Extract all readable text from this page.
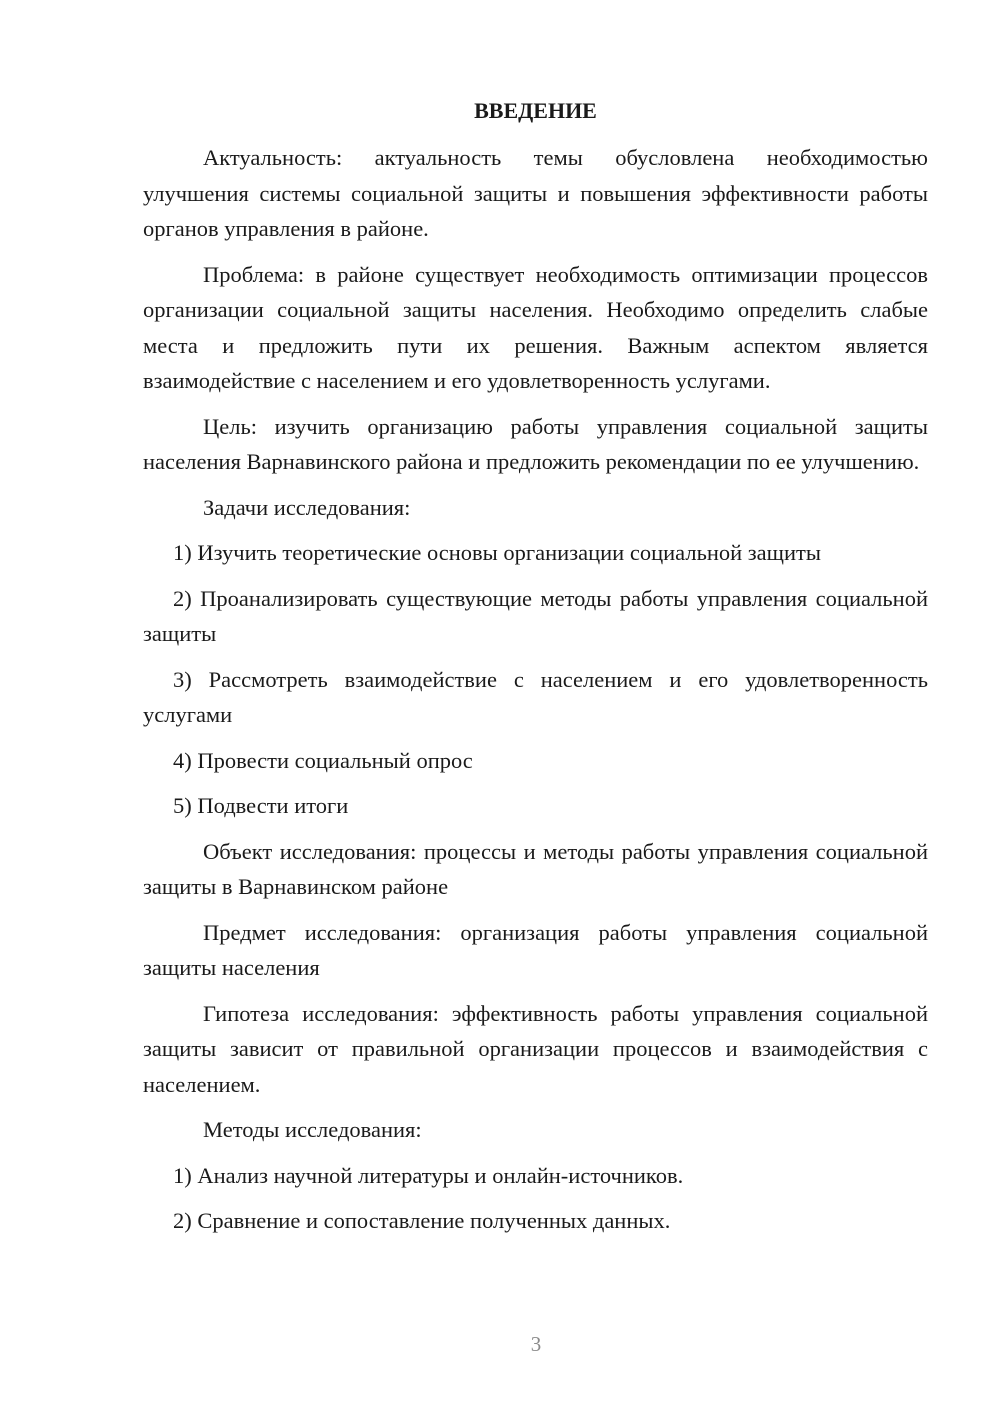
ВВЕДЕНИЕ

Актуальность: актуальность темы обусловлена необходимостью улучшения системы социальной защиты и повышения эффективности работы органов управления в районе.

Проблема: в районе существует необходимость оптимизации процессов организации социальной защиты населения. Необходимо определить слабые места и предложить пути их решения. Важным аспектом является взаимодействие с населением и его удовлетворенность услугами.

Цель: изучить организацию работы управления социальной защиты населения Варнавинского района и предложить рекомендации по ее улучшению.

Задачи исследования:

1) Изучить теоретические основы организации социальной защиты

2) Проанализировать существующие методы работы управления социальной защиты

3) Рассмотреть взаимодействие с населением и его удовлетворенность услугами

4) Провести социальный опрос

5) Подвести итоги

Объект исследования: процессы и методы работы управления социальной защиты в Варнавинском районе

Предмет исследования: организация работы управления социальной защиты населения

Гипотеза исследования: эффективность работы управления социальной защиты зависит от правильной организации процессов и взаимодействия с населением.

Методы исследования:

1) Анализ научной литературы и онлайн-источников.

2) Сравнение и сопоставление полученных данных.

3
